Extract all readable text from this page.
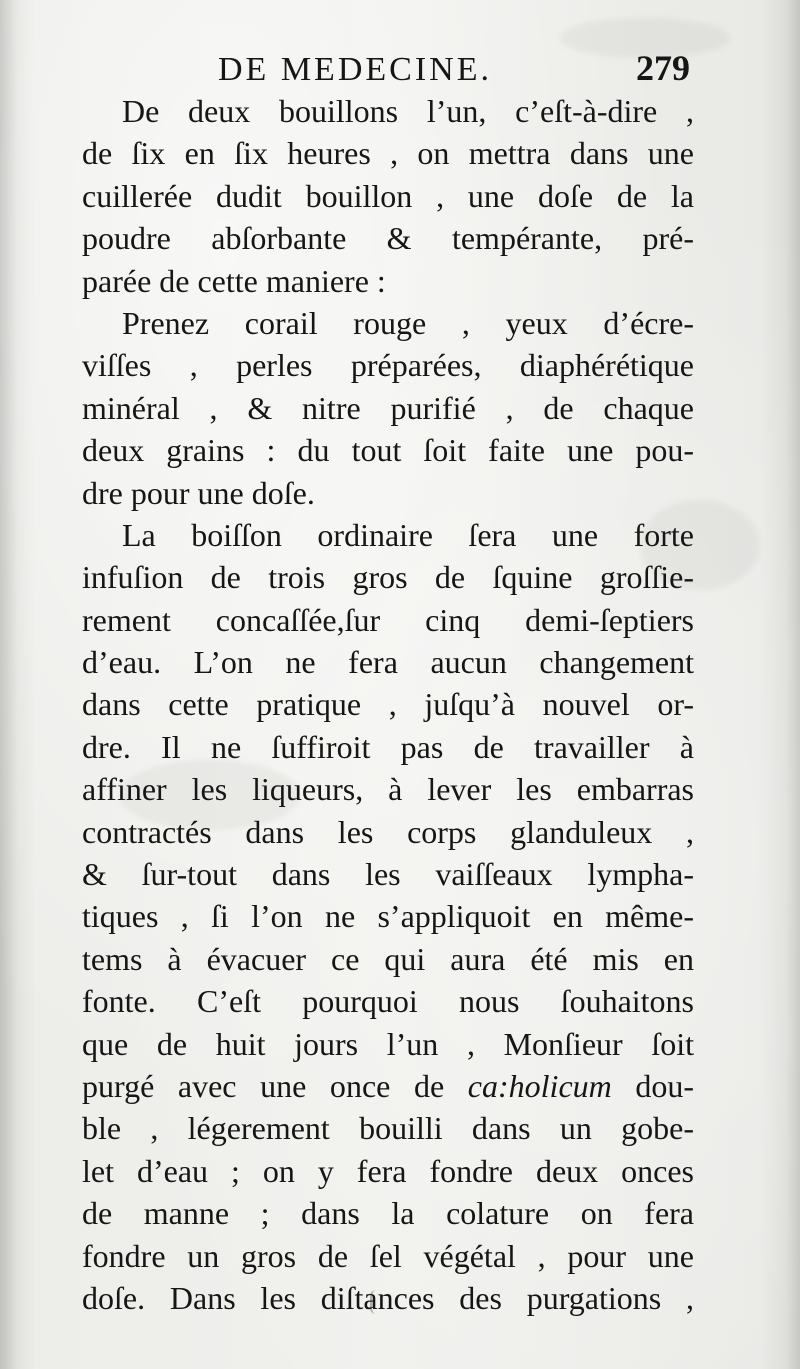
DE MEDECINE.	279
De deux bouillons l’un, c’eſt-à-dire ,
de ſix en ſix heures , on mettra dans une
cuillerée dudit bouillon , une doſe de la
poudre abſorbante & tempérante, pré-
parée de cette maniere :
Prenez corail rouge , yeux d’écre-
viſſes , perles préparées, diaphérétique
minéral , & nitre purifié , de chaque
deux grains : du tout ſoit faite une pou-
dre pour une doſe.
La boiſſon ordinaire ſera une forte
infuſion de trois gros de ſquine groſſie-
rement concaſſée,ſur cinq demi-ſeptiers
d’eau. L’on ne fera aucun changement
dans cette pratique , juſqu’à nouvel or-
dre. Il ne ſuffiroit pas de travailler à
affiner les liqueurs, à lever les embarras
contractés dans les corps glanduleux ,
& ſur-tout dans les vaiſſeaux lympha-
tiques , ſi l’on ne s’appliquoit en même-
tems à évacuer ce qui aura été mis en
fonte. C’eſt pourquoi nous ſouhaitons
que de huit jours l’un , Monſieur ſoit
purgé avec une once de ca:holicum dou-
ble , légerement bouilli dans un gobe-
let d’eau ; on y fera fondre deux onces
de manne ; dans la colature on fera
fondre un gros de ſel végétal , pour une
doſe. Dans les diſtances des purgations ,
